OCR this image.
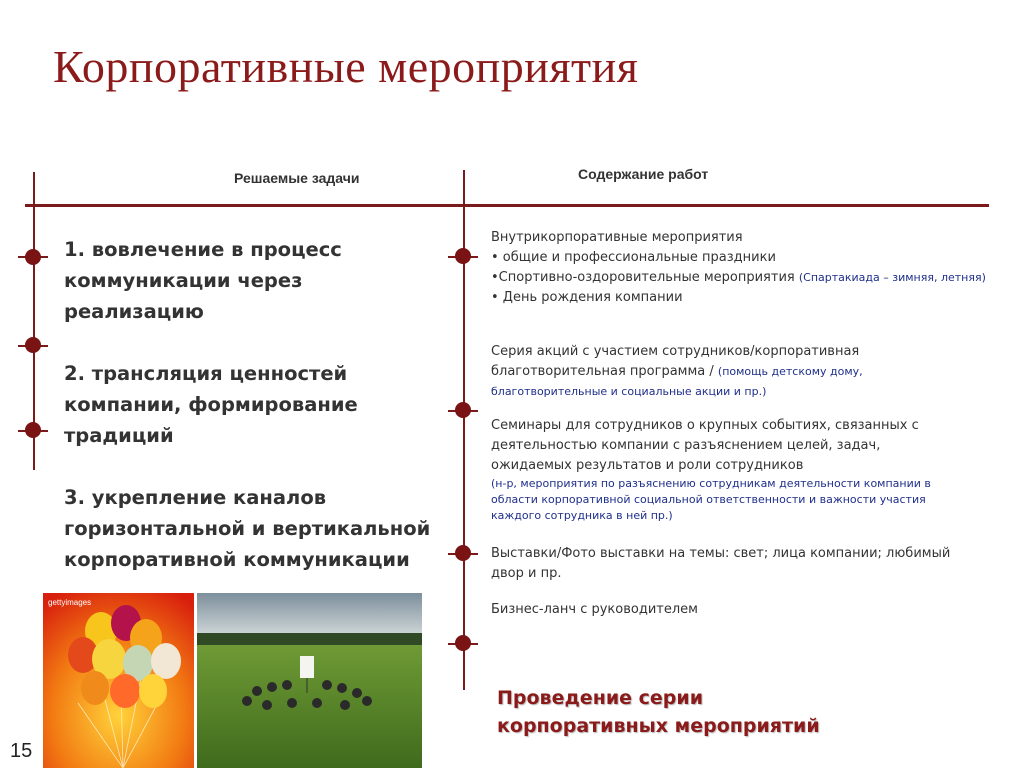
Корпоративные мероприятия
Решаемые задачи	Содержание работ
1. вовлечение в процесс коммуникации через реализацию
2. трансляция ценностей компании, формирование традиций
3. укрепление каналов горизонтальной и вертикальной корпоративной коммуникации
Внутрикорпоративные мероприятия
• общие и профессиональные праздники
•Спортивно-оздоровительные мероприятия (Спартакиада – зимняя, летняя)
• День рождения компании
Серия акций с участием сотрудников/корпоративная благотворительная программа / (помощь детскому дому, благотворительные и социальные акции и пр.)
Семинары для сотрудников о крупных событиях, связанных с деятельностью компании с разъяснением целей, задач, ожидаемых результатов и роли сотрудников
(н-р, мероприятия по разъяснению сотрудникам деятельности компании в области корпоративной социальной ответственности и важности участия каждого сотрудника в ней пр.)
Выставки/Фото выставки на темы: свет; лица компании; любимый двор и пр.
Бизнес-ланч с руководителем
Проведение серии
корпоративных мероприятий
gettyimages
15
